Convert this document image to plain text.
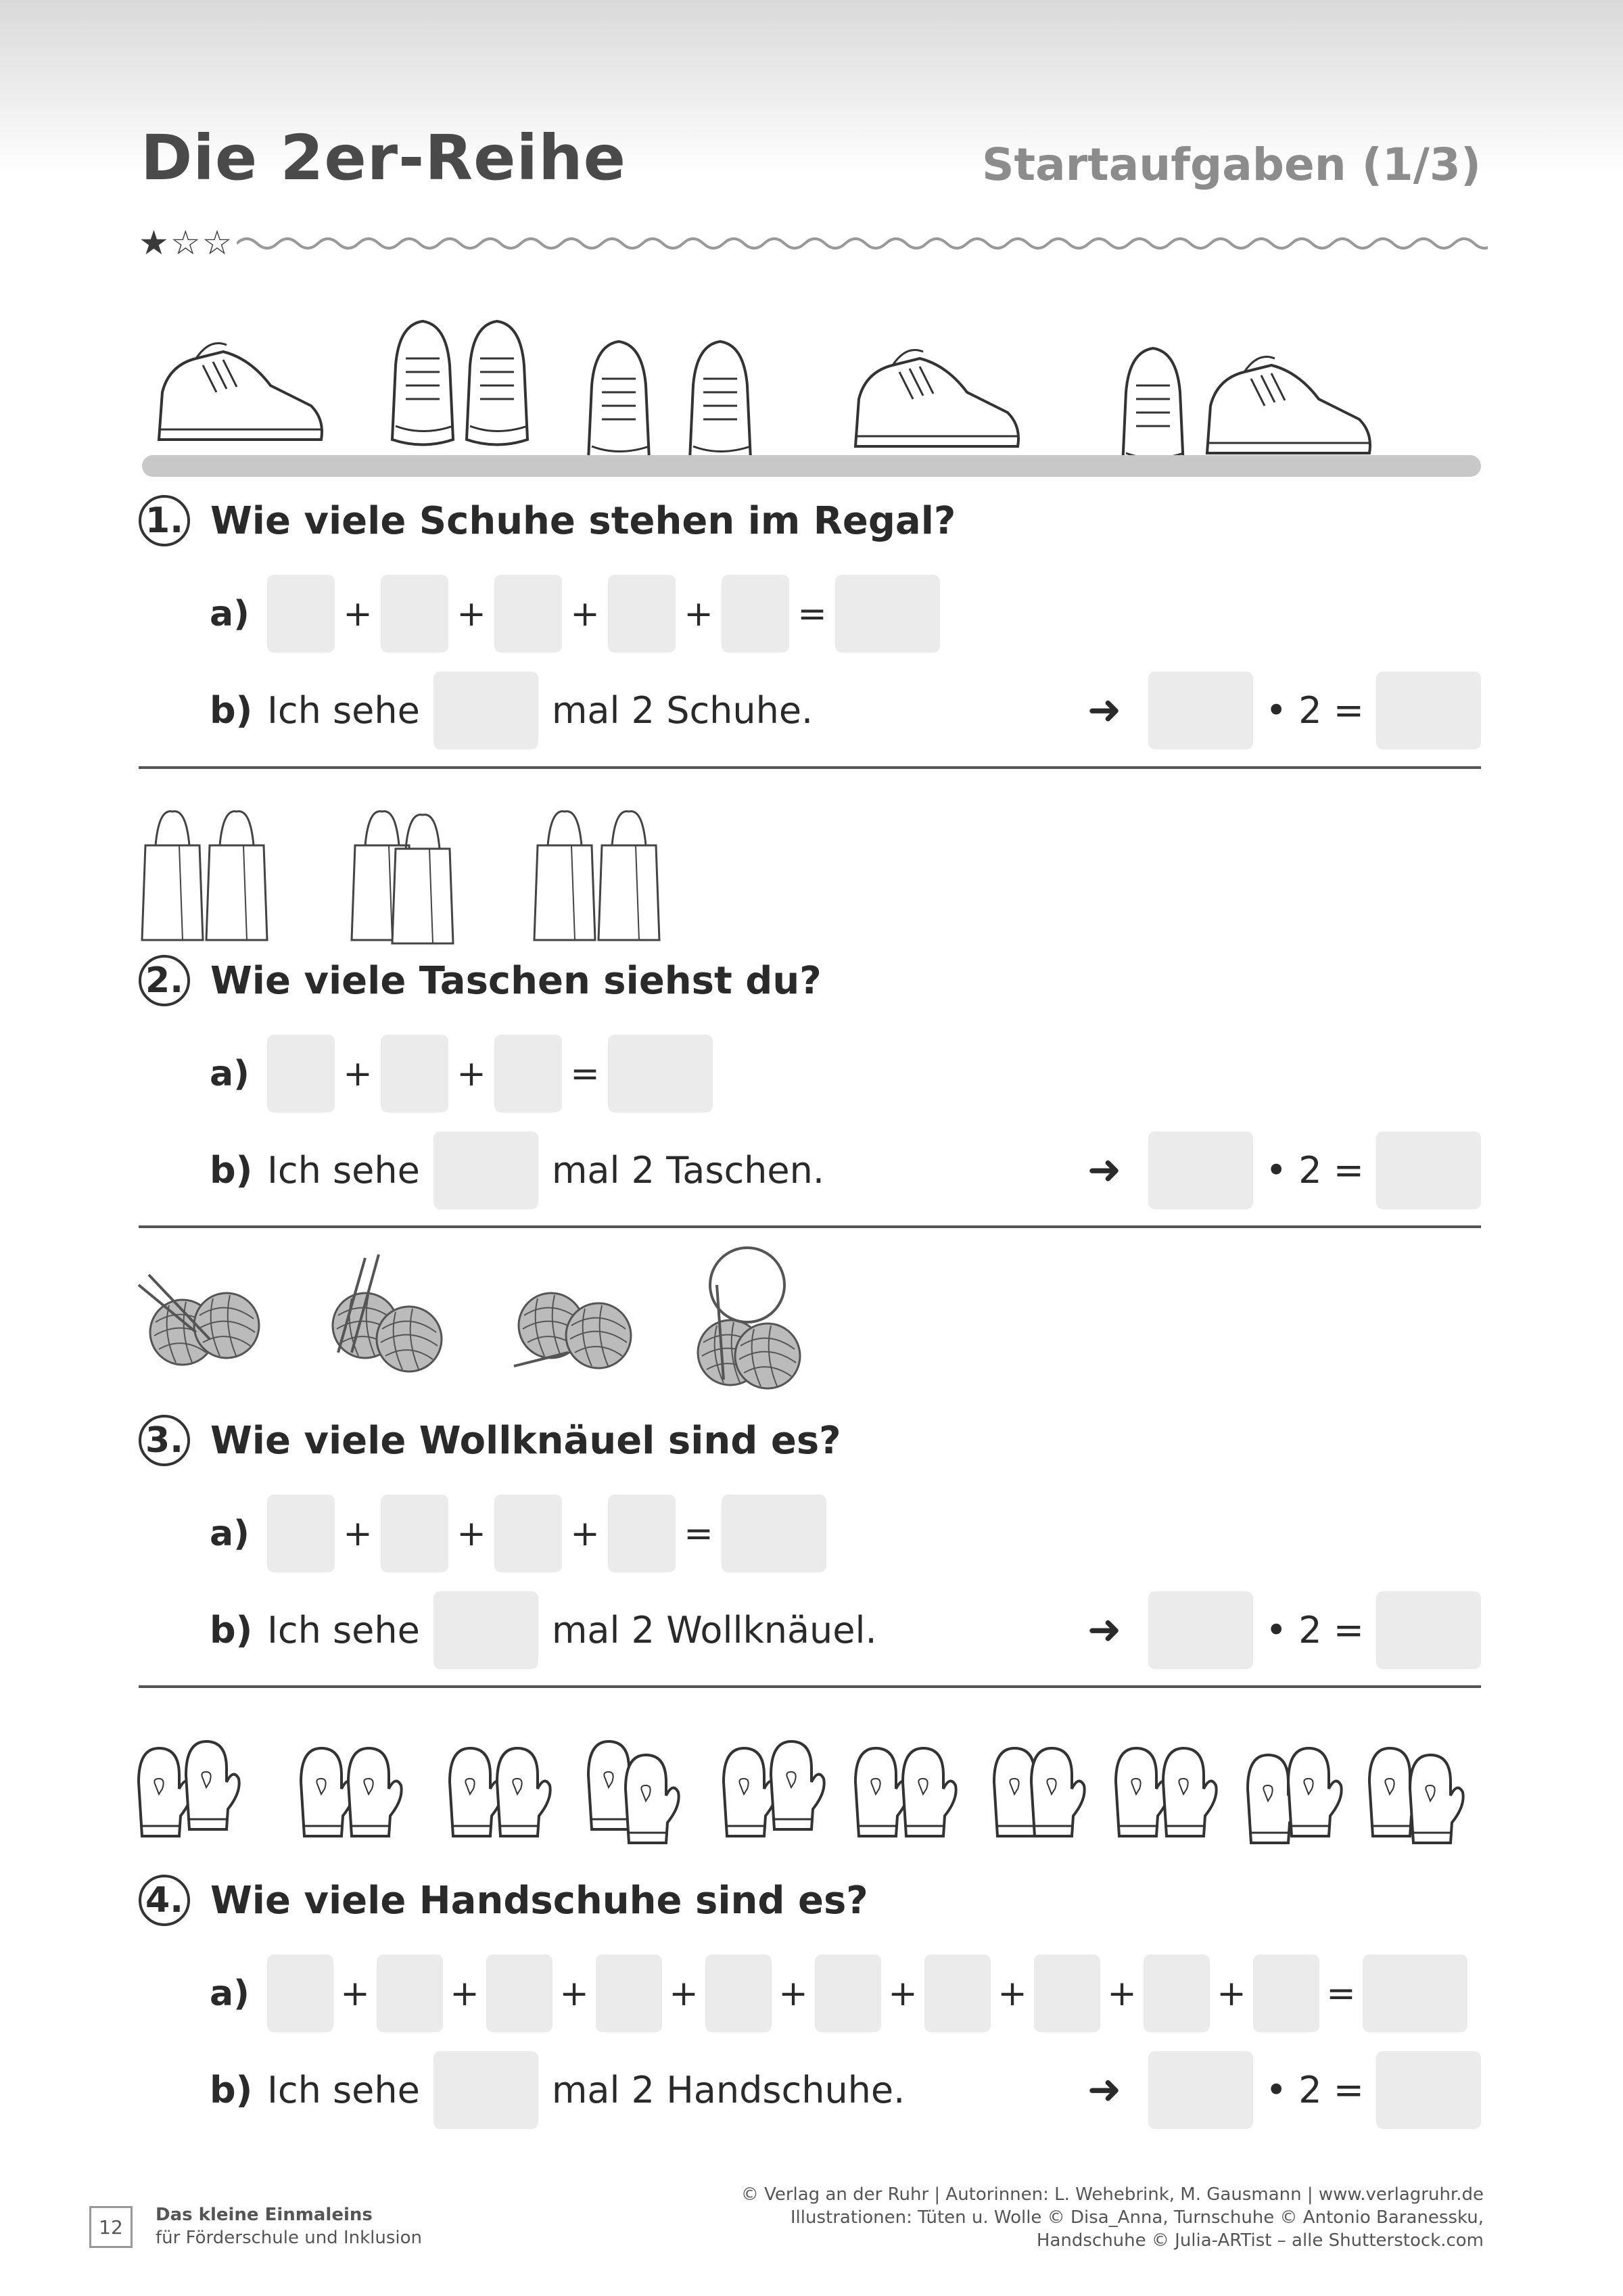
Die 2er-Reihe	Startaufgaben (1/3)
★☆☆
1. Wie viele Schuhe stehen im Regal?
a)	+ + + + =
b) Ich sehe	mal 2 Schuhe.	➜	• 2 =
2. Wie viele Taschen siehst du?
a)	+ + =
b) Ich sehe	mal 2 Taschen.	➜	• 2 =
3. Wie viele Wollknäuel sind es?
a)	+ + + =
b) Ich sehe	mal 2 Wollknäuel.	➜	• 2 =
4. Wie viele Handschuhe sind es?
a)	+ + + + + + + + + =
b) Ich sehe	mal 2 Handschuhe.	➜	• 2 =
12
Das kleine Einmaleins
für Förderschule und Inklusion
© Verlag an der Ruhr | Autorinnen: L. Wehebrink, M. Gausmann | www.verlagruhr.de
Illustrationen: Tüten u. Wolle © Disa_Anna, Turnschuhe © Antonio Baranessku,
Handschuhe © Julia-ARTist – alle Shutterstock.com
